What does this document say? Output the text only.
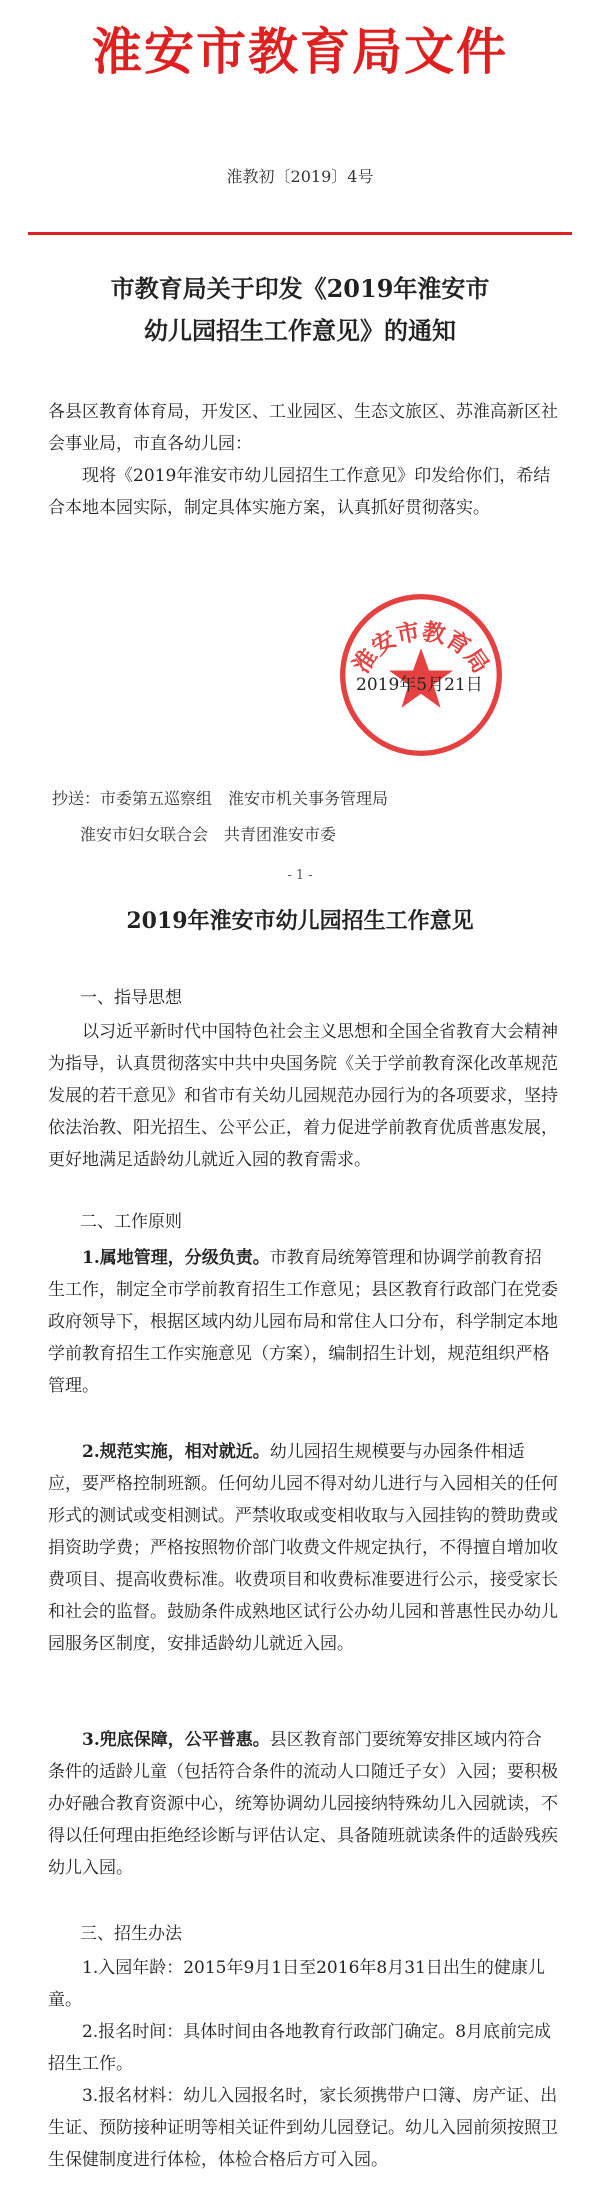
淮安市教育局文件
淮教初〔2019〕4号
市教育局关于印发《2019年淮安市
幼儿园招生工作意见》的通知
各县区教育体育局，开发区、工业园区、生态文旅区、苏淮高新区社会事业局，市直各幼儿园：
现将《2019年淮安市幼儿园招生工作意见》印发给你们，希结合本地本园实际，制定具体实施方案，认真抓好贯彻落实。
淮安市教育局
2019年5月21日
抄送：市委第五巡察组　淮安市机关事务管理局
淮安市妇女联合会　共青团淮安市委
- 1 -
2019年淮安市幼儿园招生工作意见
一、指导思想
以习近平新时代中国特色社会主义思想和全国全省教育大会精神为指导，认真贯彻落实中共中央国务院《关于学前教育深化改革规范发展的若干意见》和省市有关幼儿园规范办园行为的各项要求，坚持依法治教、阳光招生、公平公正，着力促进学前教育优质普惠发展，更好地满足适龄幼儿就近入园的教育需求。
二、工作原则
1.属地管理，分级负责。市教育局统筹管理和协调学前教育招生工作，制定全市学前教育招生工作意见；县区教育行政部门在党委政府领导下，根据区域内幼儿园布局和常住人口分布，科学制定本地学前教育招生工作实施意见（方案），编制招生计划，规范组织严格管理。
2.规范实施，相对就近。幼儿园招生规模要与办园条件相适应，要严格控制班额。任何幼儿园不得对幼儿进行与入园相关的任何形式的测试或变相测试。严禁收取或变相收取与入园挂钩的赞助费或捐资助学费；严格按照物价部门收费文件规定执行，不得擅自增加收费项目、提高收费标准。收费项目和收费标准要进行公示，接受家长和社会的监督。鼓励条件成熟地区试行公办幼儿园和普惠性民办幼儿园服务区制度，安排适龄幼儿就近入园。
3.兜底保障，公平普惠。县区教育部门要统筹安排区域内符合条件的适龄儿童（包括符合条件的流动人口随迁子女）入园；要积极办好融合教育资源中心，统筹协调幼儿园接纳特殊幼儿入园就读，不得以任何理由拒绝经诊断与评估认定、具备随班就读条件的适龄残疾幼儿入园。
三、招生办法
1.入园年龄：2015年9月1日至2016年8月31日出生的健康儿童。
2.报名时间：具体时间由各地教育行政部门确定。8月底前完成招生工作。
3.报名材料：幼儿入园报名时，家长须携带户口簿、房产证、出生证、预防接种证明等相关证件到幼儿园登记。幼儿入园前须按照卫生保健制度进行体检，体检合格后方可入园。
